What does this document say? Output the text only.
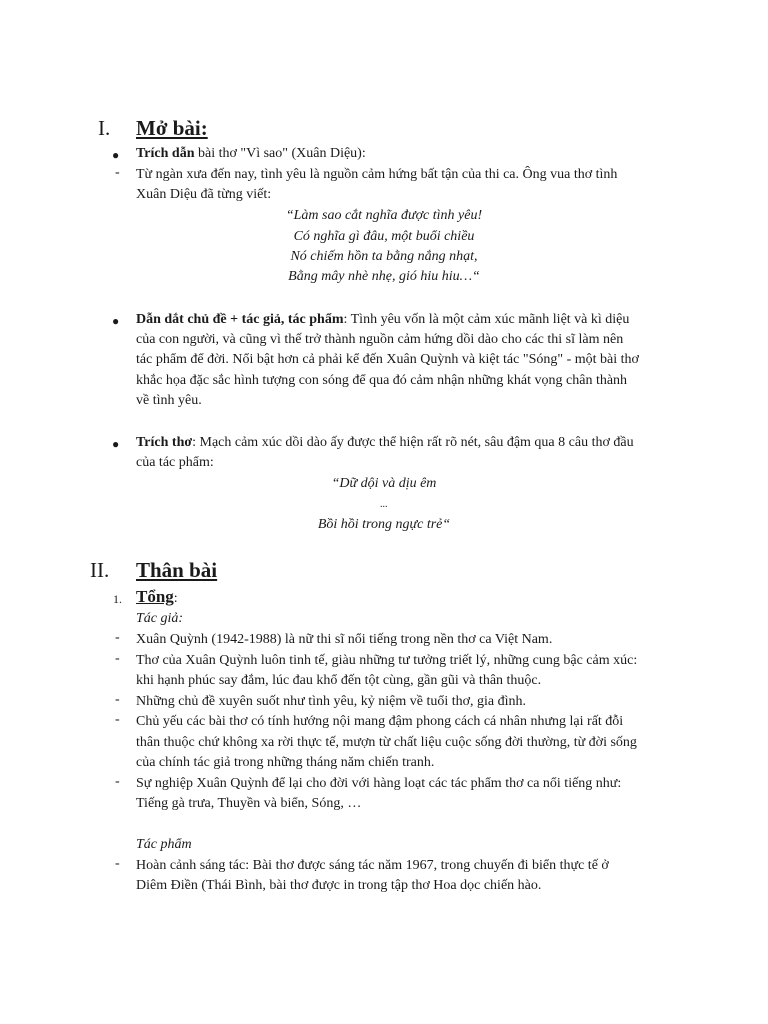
I. Mở bài:
● Trích dẫn bài thơ "Vì sao" (Xuân Diệu):
- Từ ngàn xưa đến nay, tình yêu là nguồn cảm hứng bất tận của thi ca. Ông vua thơ tình
Xuân Diệu đã từng viết:
“Làm sao cắt nghĩa được tình yêu!
Có nghĩa gì đâu, một buổi chiều
Nó chiếm hồn ta bằng nắng nhạt,
Bằng mây nhè nhẹ, gió hiu hiu…“
● Dẫn dắt chủ đề + tác giả, tác phẩm: Tình yêu vốn là một cảm xúc mãnh liệt và kì diệu
của con người, và cũng vì thế trở thành nguồn cảm hứng dồi dào cho các thi sĩ làm nên
tác phẩm để đời. Nổi bật hơn cả phải kể đến Xuân Quỳnh và kiệt tác "Sóng" - một bài thơ
khắc họa đặc sắc hình tượng con sóng để qua đó cảm nhận những khát vọng chân thành
về tình yêu.
● Trích thơ: Mạch cảm xúc dồi dào ấy được thể hiện rất rõ nét, sâu đậm qua 8 câu thơ đầu
của tác phẩm:
“Dữ dội và dịu êm
...
Bồi hồi trong ngực trẻ“
II. Thân bài
1. Tổng:
Tác giả:
- Xuân Quỳnh (1942-1988) là nữ thi sĩ nổi tiếng trong nền thơ ca Việt Nam.
- Thơ của Xuân Quỳnh luôn tinh tế, giàu những tư tưởng triết lý, những cung bậc cảm xúc:
khi hạnh phúc say đắm, lúc đau khổ đến tột cùng, gần gũi và thân thuộc.
- Những chủ đề xuyên suốt như tình yêu, kỷ niệm về tuổi thơ, gia đình.
- Chủ yếu các bài thơ có tính hướng nội mang đậm phong cách cá nhân nhưng lại rất đỗi
thân thuộc chứ không xa rời thực tế, mượn từ chất liệu cuộc sống đời thường, từ đời sống
của chính tác giả trong những tháng năm chiến tranh.
- Sự nghiệp Xuân Quỳnh để lại cho đời với hàng loạt các tác phẩm thơ ca nổi tiếng như:
Tiếng gà trưa, Thuyền và biển, Sóng, …
Tác phẩm
- Hoàn cảnh sáng tác: Bài thơ được sáng tác năm 1967, trong chuyến đi biển thực tế ở
Diêm Điền (Thái Bình, bài thơ được in trong tập thơ Hoa dọc chiến hào.
